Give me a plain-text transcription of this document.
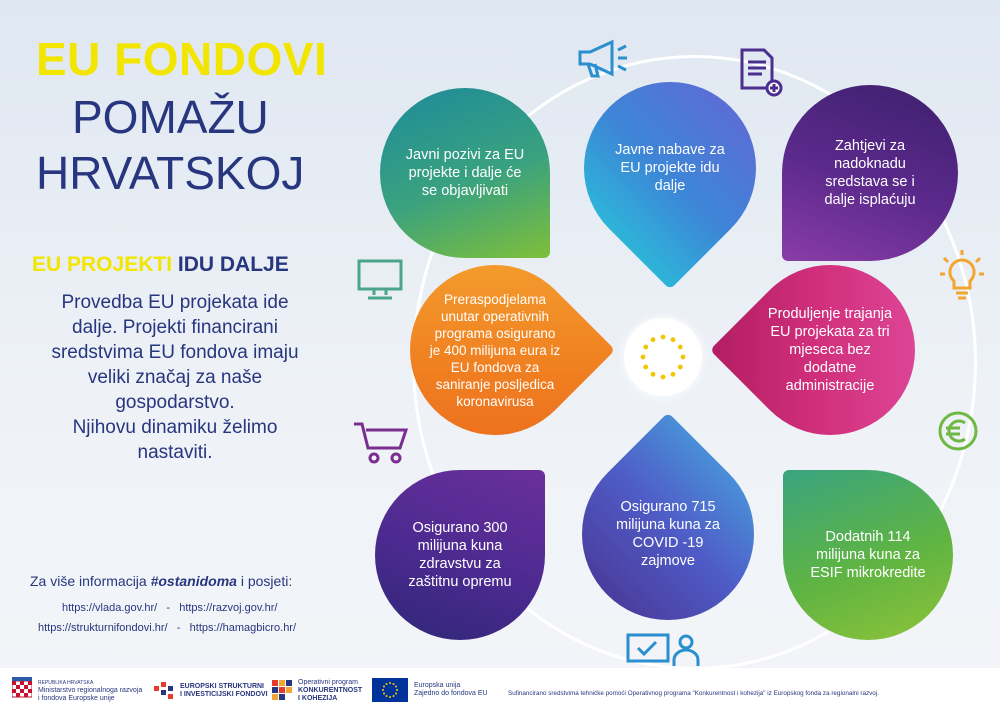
EU FONDOVI
POMAŽU
HRVATSKOJ
EU PROJEKTI IDU DALJE
Provedba EU projekata ide
dalje. Projekti financirani
sredstvima EU fondova imaju
veliki značaj za naše
gospodarstvo.
Njihovu dinamiku želimo
nastaviti.
Za više informacija #ostanidoma i posjeti:
https://vlada.gov.hr/ - https://razvoj.gov.hr/
https://strukturnifondovi.hr/ - https://hamagbicro.hr/
Javni pozivi za EU projekte i dalje će se objavljivati
Javne nabave za EU projekte idu dalje
Zahtjevi za nadoknadu sredstava se i dalje isplaćuju
Preraspodjelama unutar operativnih programa osigurano je 400 milijuna eura iz EU fondova za saniranje posljedica koronavirusa
Produljenje trajanja EU projekata za tri mjeseca bez dodatne administracije
Osigurano 300 milijuna kuna zdravstvu za zaštitnu opremu
Osigurano 715 milijuna kuna za COVID -19 zajmove
Dodatnih 114 milijuna kuna za ESIF mikrokredite
REPUBLIKA HRVATSKA
Ministarstvo regionalnoga razvoja
i fondova Europske unije
EUROPSKI STRUKTURNI
I INVESTICIJSKI FONDOVI
Operativni program
KONKURENTNOST
I KOHEZIJA
Europska unija
Zajedno do fondova EU	Sufinancirano sredstvima tehničke pomoći Operativnog programa "Konkurentnost i kohezija" iz Europskog fonda za regionalni razvoj.
